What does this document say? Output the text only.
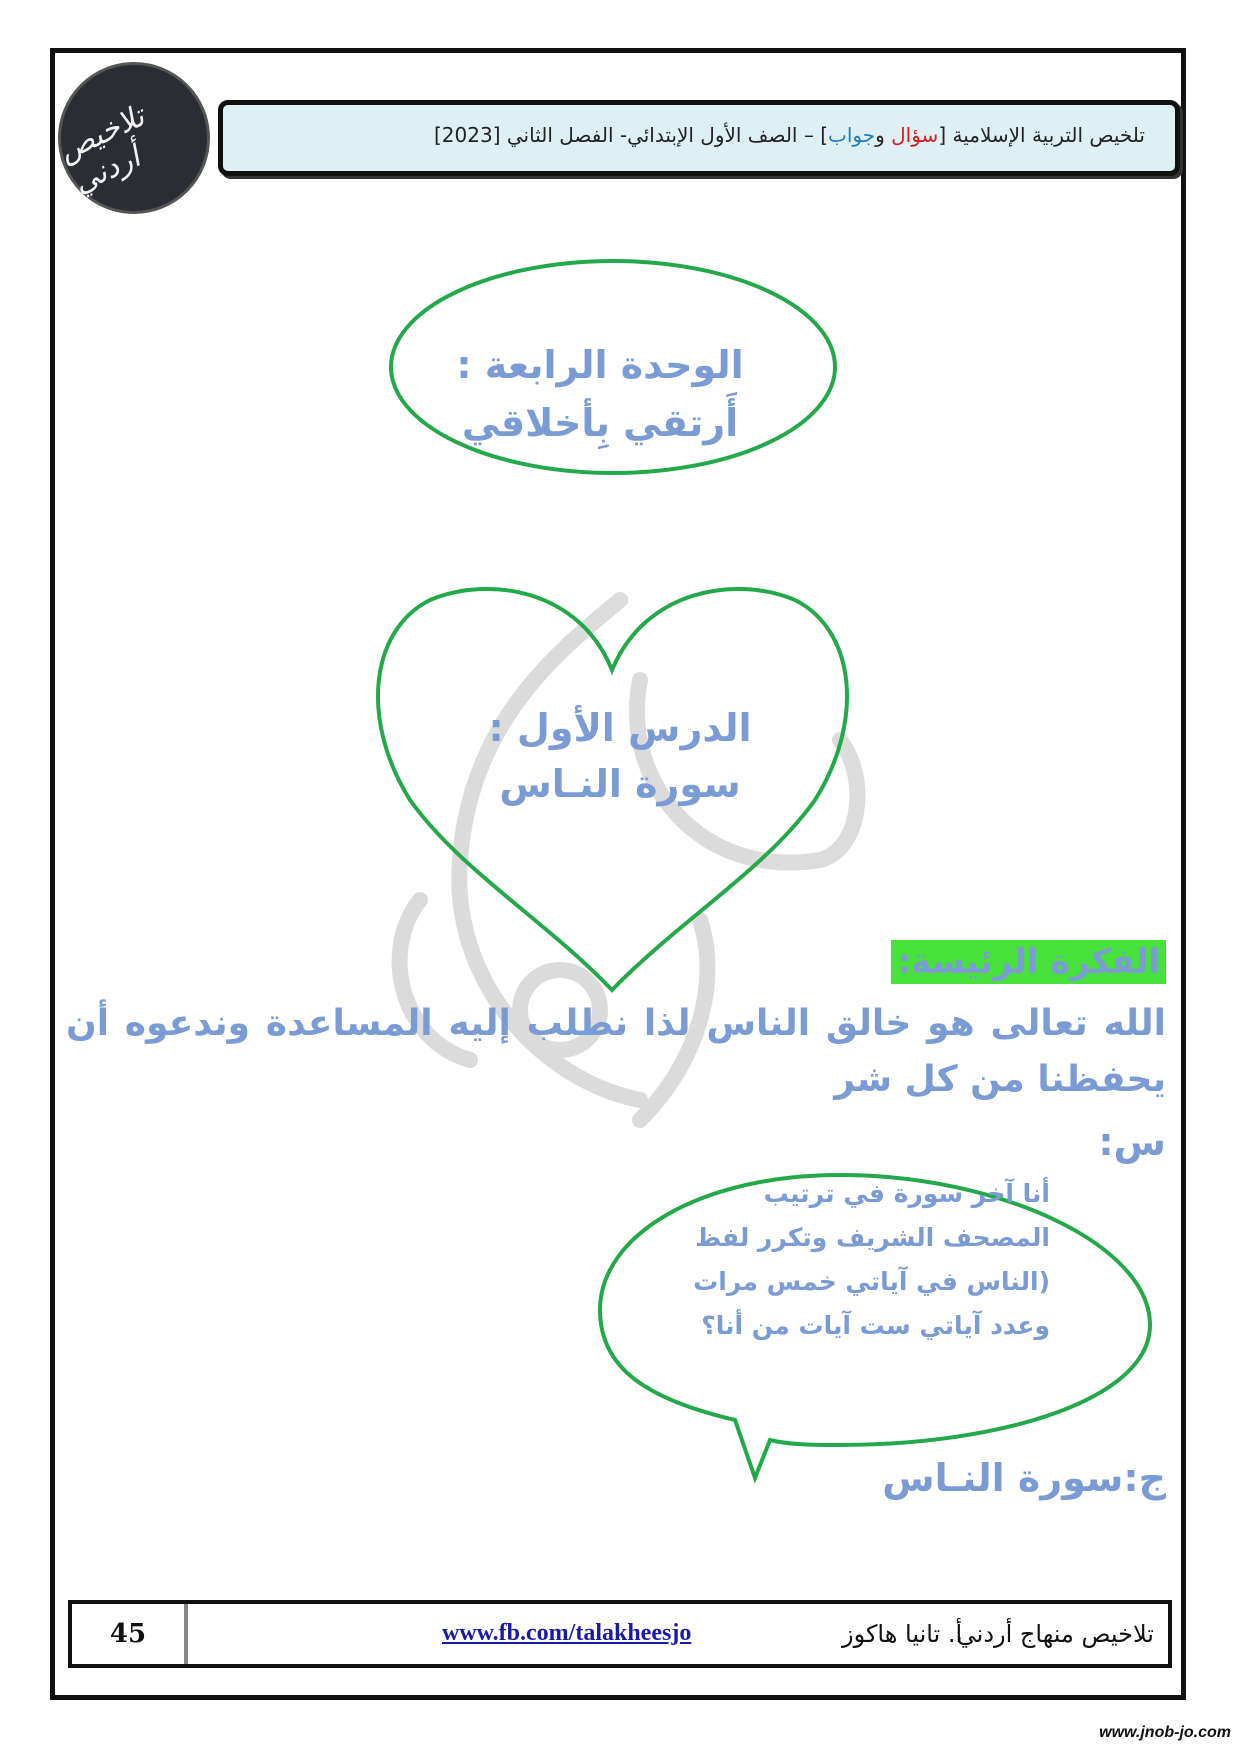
تلاخيص أردني
تلخيص التربية الإسلامية [سؤال وجواب] – الصف الأول الإبتدائي- الفصل الثاني [2023]
الوحدة الرابعة :
أَرتقي بِأخلاقي
الدرس الأول :
سورة النـاس
الفكرة الرئيسة:
الله تعالى هو خالق الناس لذا نطلب إليه المساعدة وندعوه أن يحفظنا من كل شر
س:
أنا آخر سورة في ترتيب
المصحف الشريف وتكرر لفظ
(الناس في آياتي خمس مرات
وعدد آياتي ست آيات من أنا؟
ج:سورة النـاس
45	www.fb.com/talakheesjo	أ. تانيا هاكوز
تلاخيص منهاج أردني
www.jnob-jo.com
